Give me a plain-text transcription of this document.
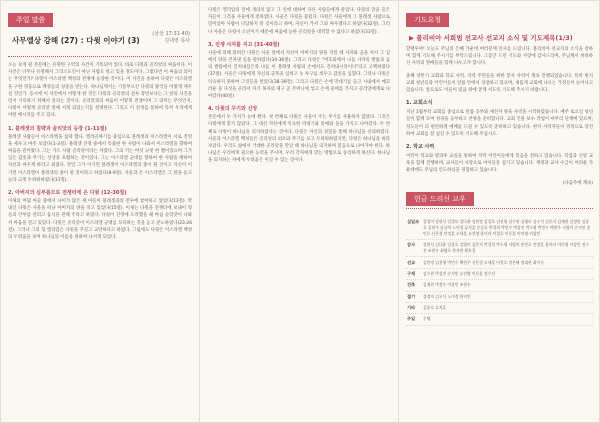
주일 말씀
사무엘상 강해 (27) : 다윗 이야기 (3)
(삼상 17:31-40)
김대영 목사
오늘 보게 될 본문에는 유명한 구약의 사건이 기록되어 있다. 바로 다윗과 골리앗의 싸움이다. 이 사건은 너무나 유명해서 그리스도인이 아닌 사람도 알고 있을 정도이다. 그렇다면 이 싸움의 의미는 무엇인가? 다윗이 이스라엘 백성의 전쟁에 등장한 것이다. 이 사건을 통하여 다윗은 이스라엘을 구한 영웅으로 백성들의 칭송을 받는다. 하나님께서는 기름부으신 다윗의 왕국을 어떻게 세우실 것인가. 동시에 이 사건에서 어떻게 한 것은 다윗과 골리앗의 전투 장면보다는 그 앞의 사건을 먼저 기록하기 위해서 살피는 것이다. 골리앗과의 싸움이 어떻게 전쟁이며 그 의미는 무엇인지, 다윗이 어떻게 골리앗 앞에 서게 되었는지를 설명한다. 그리고 이 전개를 통하여 특히 우리에게 어떤 메시지를 주고 있다.
1. 블레셋의 침략과 골리앗의 등장 (1-11절)
블레셋 사람들이 이스라엘을 침략 했다. 엘라골짜기를 중심으로 블레셋과 이스라엘이 서로 진영을 세우고 마주 보았다(1-3절). 블레셋 진영 중에서 특출한 한 사람이 나와서 이스라엘을 향하여 싸움을 걸어왔다. 그는 가드 사람 골리앗이라는 자였다. 그의 키는 여섯 규빗 한 뼘이었으며 그가 입은 갑옷과 무기는 상상을 초월하는 것이었다. 그는 이스라엘 군대를 향하여 한 사람을 택하여 자신과 싸우게 하라고 외쳤다. 만일 그가 이기면 블레셋이 이스라엘의 종이 될 것이고 자신이 이기면 이스라엘이 블레셋의 종이 될 것이라고 하였다(8-9절). 사울과 온 이스라엘은 그 말을 듣고 놀라 크게 두려워하였다(11절).
2. 아버지의 심부름으로 전쟁터에 온 다윗 (12-30절)
이새의 여덟 아들 중에서 나이가 많은 세 아들이 블레셋과의 전투에 참여하고 있었다(13절). 막내인 다윗은 사울을 떠나 아버지의 양을 치고 있었다(15절). 이새는 다윗을 전쟁터에 보내어 형들의 안부를 살피고 음식을 전해 주라고 하였다. 다윗이 진영에 도착했을 때 마침 골리앗이 나와서 싸움을 걸고 있었다. 다윗은 골리앗이 이스라엘 군대를 모욕하는 것을 듣고 분노하였다(23-26절). 그러나 그의 형 엘리압은 다윗을 꾸짖고 교만하다고 하였다. 그럼에도 다윗은 이스라엘 백성의 두려움을 보며 하나님의 이름을 위하여 나서게 되었다.
다윗은 엘리압의 말에 개의치 않고 그 일에 대하여 다른 사람들에게 물었다. 다윗의 말을 들은 자들이 그것을 사울에게 전하였다. 사울은 다윗을 불렀다. 다윗은 사울에게 그 블레셋 사람으로 말미암아 사람이 낙담하지 말 것이라고 하며, 자신이 가서 그와 싸우겠다고 하였다(32절). 그러나 사울은 다윗이 소년이기 때문에 싸움에 능한 골리앗을 대적할 수 없다고 하였다(33절).
3. 전쟁 사자를 지고 (31-40절)
사울에 의해 불려간 다윗은 사울 앞에서 자신이 아버지의 양을 지킬 때 사자와 곰을 쳐서 그 입에서 양을 건져낸 일을 말하였다(34-36절). 그리고 다윗은 "여호와께서 나를 사자의 발톱과 곰의 발톱에서 건져내셨은즉 나를 이 블레셋 사람의 손에서도 건져내시리이다"라고 고백하였다(37절). 사울은 다윗에게 자신의 군복을 입히고 놋 투구를 씌우고 갑옷을 입혔다. 그러나 다윗은 익숙하지 못하여 그것들을 벗었다(38-39절). 그리고 다윗은 손에 막대기를 들고 시내에서 매끄러운 돌 다섯을 골라서 자기 목자의 제구 곧 주머니에 넣고 손에 물매를 가지고 골리앗에게로 나아갔다(40절).
4. 다윗의 무기와 신앙
본문에서 두 가지가 눈에 띈다. 첫 번째로 다윗은 사울이 주는 무기를 사용하지 않았다. 그것은 다윗에게 맞지 않았다. 그 대신 자신에게 익숙한 막대기와 물매와 돌을 가지고 나아갔다. 두 번째로 다윗이 하나님을 의지하였다는 것이다. 다윗은 자신의 경험을 통해 하나님을 신뢰하였다. 사울과 이스라엘 백성들은 골리앗의 외모와 무기를 보고 두려워하였지만, 다윗은 하나님을 바라보았다. 우리도 삶에서 거대한 골리앗을 만날 때 하나님을 의지하며 믿음으로 나아가야 한다. 하나님은 우리에게 필요한 능력을 주시며, 우리 각자에게 맞는 방법으로 승리하게 하신다. 하나님을 의지하는 자에게 두려움은 이길 수 있는 것이다.
기도요청
▶ 볼리비아 서희범 선교사 선교지 소식 및 기도제목(1/3)
할렐루야! 오늘도 주님의 은혜 가운데 여러분께 인사를 드립니다. 볼리비아 선교지의 소식을 전하며 함께 기도해 주시기를 부탁드립니다. 그동안 드린 기도와 사랑에 감사드리며, 주님께서 허락하신 사역의 열매들을 함께 나누고자 합니다.
올해 상반기 교회와 학교 사역, 지역 주민들을 위한 봉사 사역이 계속 진행되었습니다. 특히 현지 교회 청년들과 어린이들이 말씀 안에서 성장하고 있으며, 새롭게 교회에 나오는 가정들이 늘어나고 있습니다. 앞으로도 이들이 믿음 위에 굳게 서도록 기도해 주시기 바랍니다.
1. 교회소식
지난 1월부터 교회를 중심으로 말씀 공부와 새신자 양육 사역을 시작하였습니다. 매주 토요일 청년들이 함께 모여 성경을 공부하고 찬양을 준비합니다. 교회 건물 보수 작업이 마무리 단계에 있으며, 성도들이 더 편안하게 예배를 드릴 수 있도록 준비하고 있습니다. 현지 사역자들이 영적으로 강건하여 교회를 잘 섬길 수 있도록 기도해 주십시오.
2. 학교 사역
어린이 학교와 방과후 교실을 통하여 지역 어린이들에게 복음을 전하고 있습니다. 학업과 신앙 교육을 함께 진행하며, 교사들이 사랑으로 아이들을 섬기고 있습니다. 재정과 교사 수급이 어려운 가운데에도 주님의 인도하심을 경험하고 있습니다.
(다음주에 계속)
헌금 드리신 교우
십일조	강경미 강현식 김경모 김나윤 김민정 김상호 김선영 김수현 김영미 김우석 김은지 김재현 김정민 김종호 김현주 남궁혁 노미경 류지훈 문승호 박경희 박민수 박성진 박소영 박정우 백현주 서영미 손지민 송민호 신은경 안정훈 오세훈 유진영 윤미라 이경호 이동훈 이미영 이상민
감사	강현식 김나윤 김상호 김영미 김은지 박경희 박소영 서영미 송민호 안정훈 윤미라 이미영 이상민 정수진 조현우 최영호 한지민 황보경
선교	김민정 김선영 박민수 백현주 신은경 오세훈 이경호 장은혜 정대현 최미숙
구제	김수현 박성진 손지민 유진영 이동훈 정수진
건축	김재현 박정우 이상민 조현우
절기	강경미 김우석 노미경 한지민
기타	김종호 류지훈
주일	무명
